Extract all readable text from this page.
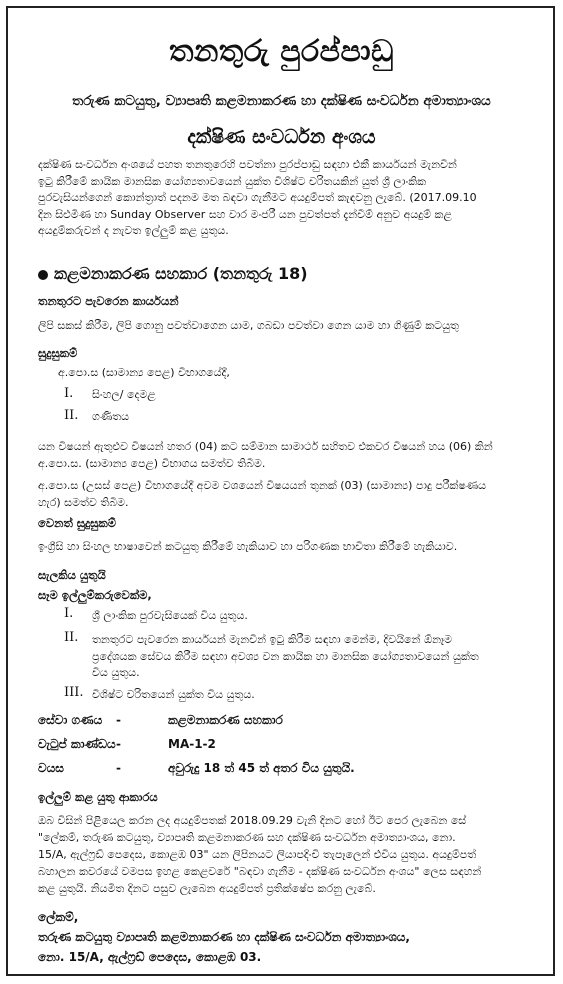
තනතුරු පුරප්පාඩු
තරුණ කටයුතු, ව්‍යාපෘති කළමනාකරණ හා දක්ෂිණ සංවර්ධන අමාත්‍යාංශය
දක්ෂිණ සංවර්ධන අංශය
දක්ෂිණ සංවර්ධන අංශයේ පහත තනතුරෙහි පවත්නා පුරප්පාඩු සඳහා එකී කාර්යයන් මැනවින්
ඉටු කිරීමේ කායික මානසික යෝග්‍යතාවයෙන් යුක්ත විශිෂ්ට චරිතයකින් යුත් ශ්‍රී ලාංකික
පුරවැසියන්ගෙන් කොන්ත්‍රාත් පදනම මත බඳවා ගැනීමට අයදුම්පත් කැඳවනු ලැබේ. (2017.09.10
දින සිළුමිණ හා Sunday Observer සහ වාර මංජරී යන පුවත්පත් දැන්වීම් අනුව අයදුම් කළ
අයදුම්කරුවන් ද නැවත ඉල්ලුම් කළ යුතුය.
කළමනාකරණ සහකාර (තනතුරු 18)
තනතුරට පැවරෙන කාර්යයන්
ලිපි සකස් කිරීම, ලිපි ගොනු පවත්වාගෙන යාම, ගබඩා පවත්වා ගෙන යාම හා ගිණුම් කටයුතු
සුදුසුකම්
අ.පො.ස (සාමාන්‍ය පෙළ) විභාගයේදී,
I. සිංහල/ දෙමළ
II. ගණිතය
යන විෂයන් ඇතුළුව විෂයන් හතර (04) කට සම්මාන සාමාර්ථ සහිතව එකවර විෂයන් හය (06) කින්
අ.පො.ස. (සාමාන්‍ය පෙළ) විභාගය සමත්ව තිබීම.
අ.පො.ස (උසස් පෙළ) විභාගයේදී අවම වශයෙන් විෂයයන් තුනක් (03) (සාමාන්‍ය) පාදු පරීක්ෂණය
හැර) සමත්ව තිබීම.
වෙනත් සුදුසුකම්
ඉංග්‍රීසි හා සිංහල භාෂාවෙන් කටයුතු කිරීමේ හැකියාව හා පරිගණක භාවිතා කිරීමේ හැකියාව.
සැලකිය යුතුයි
සෑම ඉල්ලුම්කරුවෙක්ම,
I. ශ්‍රී ලාංකික පුරවැසියෙක් විය යුතුය.
II. තනතුරට පැවරෙන කාර්යයන් මැනවින් ඉටු කිරීම සඳහා මෙන්ම, දිවයිනේ ඕනෑම
ප්‍රදේශයක සේවය කිරීම සඳහා අවශ්‍ය වන කායික හා මානසික යෝග්‍යතාවයෙන් යුක්ත
විය යුතුය.
III. විශිෂ්ට චරිතයෙන් යුක්ත විය යුතුය.
සේවා ගණය -	කළමනාකරණ සහකාර
වැටුප් කාණ්ඩය-	MA-1-2
වයස	-	අවුරුදු 18 ත් 45 ත් අතර විය යුතුයි.
ඉල්ලුම් කළ යුතු ආකාරය
ඔබ විසින් පිළියෙල කරන ලද අයදුම්පතක් 2018.09.29 වැනි දිනට හෝ ඊට පෙර ලැබෙන සේ
"ලේකම්, තරුණ කටයුතු, ව්‍යාපෘති කළමනාකරණ සහ දක්ෂිණ සංවර්ධන අමාත්‍යාංශය, නො.
15/A, ඇල්ෆ්‍රඩ් පෙදෙස, කොළඹ 03" යන ලිපිනයට ලියාපදිංචි තැපෑලෙන් එවිය යුතුය. අයදුම්පත්
බහාලන කවරයේ වමපස ඉහළ කෙළවරේ "බඳවා ගැනීම - දක්ෂිණ සංවර්ධන අංශය" ලෙස සඳහන්
කළ යුතුයි. නියමිත දිනට පසුව ලැබෙන අයදුම්පත් ප්‍රතික්ෂේප කරනු ලැබේ.
ලේකම්,
තරුණ කටයුතු ව්‍යාපෘති කළමනාකරණ හා දක්ෂිණ සංවර්ධන අමාත්‍යාංශය,
නො. 15/A, ඇල්ෆ්‍රඩ් පෙදෙස, කොළඹ 03.
